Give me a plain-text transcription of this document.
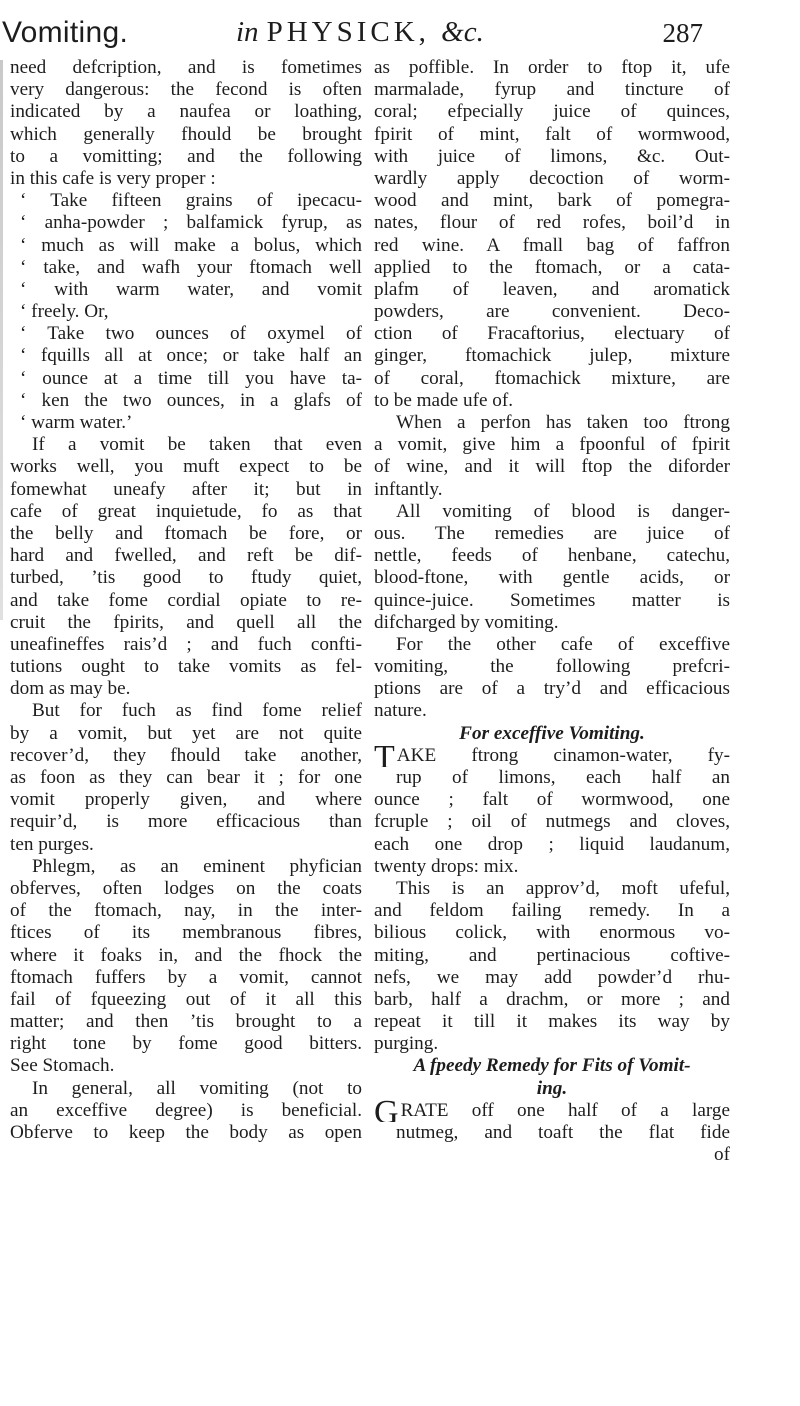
Vomiting.	in PHYSICK, &c.	287
need defcription, and is fometimes
very dangerous: the fecond is often
indicated by a naufea or loathing,
which generally fhould be brought
to a vomitting; and the following
in this cafe is very proper :
‘ Take fifteen grains of ipecacu-
‘ anha-powder ; balfamick fyrup, as
‘ much as will make a bolus, which
‘ take, and wafh your ftomach well
‘ with warm water, and vomit
‘ freely. Or,
‘ Take two ounces of oxymel of
‘ fquills all at once; or take half an
‘ ounce at a time till you have ta-
‘ ken the two ounces, in a glafs of
‘ warm water.’
If a vomit be taken that even
works well, you muft expect to be
fomewhat uneafy after it; but in
cafe of great inquietude, fo as that
the belly and ftomach be fore, or
hard and fwelled, and reft be dif-
turbed, ’tis good to ftudy quiet,
and take fome cordial opiate to re-
cruit the fpirits, and quell all the
uneafineffes rais’d ; and fuch confti-
tutions ought to take vomits as fel-
dom as may be.
But for fuch as find fome relief
by a vomit, but yet are not quite
recover’d, they fhould take another,
as foon as they can bear it ; for one
vomit properly given, and where
requir’d, is more efficacious than
ten purges.
Phlegm, as an eminent phyfician
obferves, often lodges on the coats
of the ftomach, nay, in the inter-
ftices of its membranous fibres,
where it foaks in, and the fhock the
ftomach fuffers by a vomit, cannot
fail of fqueezing out of it all this
matter; and then ’tis brought to a
right tone by fome good bitters.
See Stomach.
In general, all vomiting (not to
an exceffive degree) is beneficial.
Obferve to keep the body as open
as poffible. In order to ftop it, ufe
marmalade, fyrup and tincture of
coral; efpecially juice of quinces,
fpirit of mint, falt of wormwood,
with juice of limons, &c. Out-
wardly apply decoction of worm-
wood and mint, bark of pomegra-
nates, flour of red rofes, boil’d in
red wine. A fmall bag of faffron
applied to the ftomach, or a cata-
plafm of leaven, and aromatick
powders, are convenient. Deco-
ction of Fracaftorius, electuary of
ginger, ftomachick julep, mixture
of coral, ftomachick mixture, are
to be made ufe of.
When a perfon has taken too ftrong
a vomit, give him a fpoonful of fpirit
of wine, and it will ftop the diforder
inftantly.
All vomiting of blood is danger-
ous. The remedies are juice of
nettle, feeds of henbane, catechu,
blood-ftone, with gentle acids, or
quince-juice. Sometimes matter is
difcharged by vomiting.
For the other cafe of exceffive
vomiting, the following prefcri-
ptions are of a try’d and efficacious
nature.
For exceffive Vomiting.
TAKE ftrong cinamon-water, fy-
rup of limons, each half an
ounce ; falt of wormwood, one
fcruple ; oil of nutmegs and cloves,
each one drop ; liquid laudanum,
twenty drops: mix.
This is an approv’d, moft ufeful,
and feldom failing remedy. In a
bilious colick, with enormous vo-
miting, and pertinacious coftive-
nefs, we may add powder’d rhu-
barb, half a drachm, or more ; and
repeat it till it makes its way by
purging.
A fpeedy Remedy for Fits of Vomit-
ing.
GRATE off one half of a large
nutmeg, and toaft the flat fide
of
